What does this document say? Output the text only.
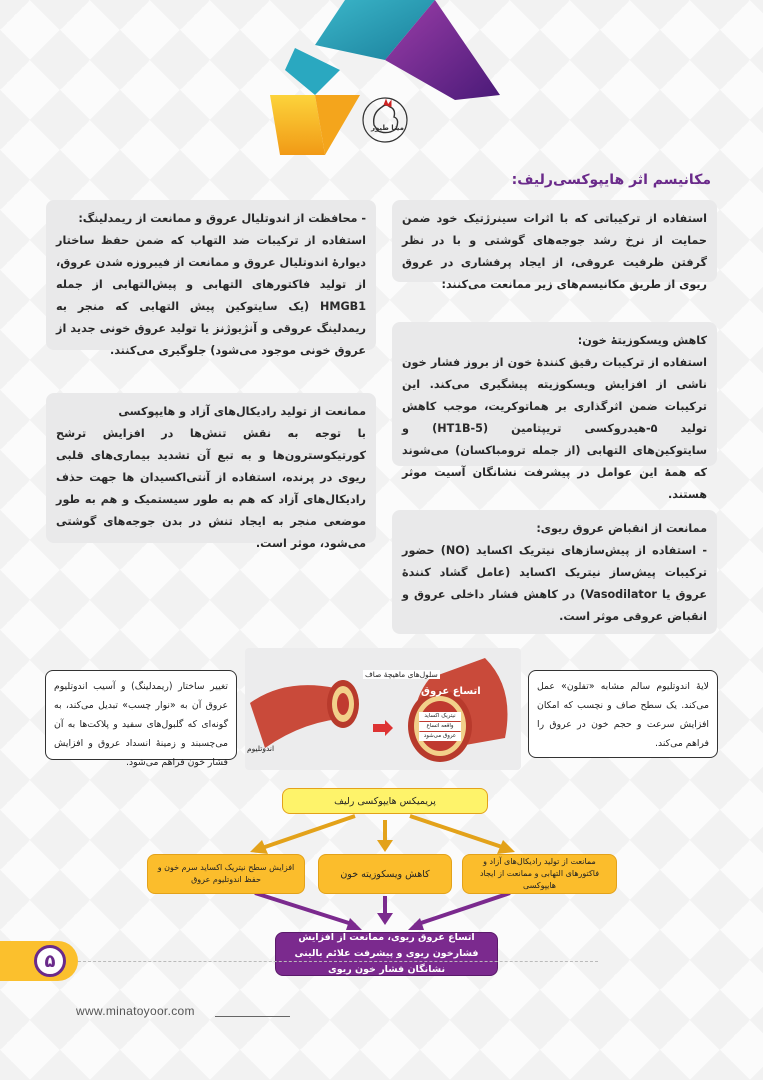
مینا طیور
مکانیسم اثر هایپوکسی‌رلیف:
استفاده از ترکیباتی که با اثرات سینرژتیک خود ضمن حمایت از نرخ رشد جوجه‌های گوشتی و با در نظر گرفتن ظرفیت عروقی، از ایجاد پرفشاری در عروق ریوی از طریق مکانیسم‌های زیر ممانعت می‌کنند:
کاهش ویسکوزیتۀ خون:
استفاده از ترکیبات رقیق کنندۀ خون از بروز فشار خون ناشی از افزایش ویسکوزیته پیشگیری می‌کند. این ترکیبات ضمن اثرگذاری بر هماتوکریت، موجب کاهش تولید ۵-هیدروکسی تریپتامین (HT1B-5) و سایتوکین‌های التهابی (از جمله ترومباکسان) می‌شوند که همۀ این عوامل در پیشرفت نشانگان آسیت موثر هستند.
ممانعت از انقباض عروق ریوی:
- استفاده از پیش‌سازهای نیتریک اکساید (NO) حضور ترکیبات پیش‌ساز نیتریک اکساید (عامل گشاد کنندۀ عروق یا Vasodilator) در کاهش فشار داخلی عروق و انقباض عروقی موثر است.
- محافظت از اندوتلیال عروق و ممانعت از ریمدلینگ:
استفاده از ترکیبات ضد التهاب که ضمن حفظ ساختار دیوارۀ اندوتلیال عروق و ممانعت از فیبروزه شدن عروق، از تولید فاکتورهای التهابی و پیش‌التهابی از جمله HMGB1 (یک سایتوکین پیش التهابی که منجر به ریمدلینگ عروقی و آنژیوژنز یا تولید عروق خونی جدید از عروق خونی موجود می‌شود) جلوگیری می‌کنند.
ممانعت از تولید رادیکال‌های آزاد و هایپوکسی
با توجه به نقش تنش‌ها در افزایش ترشح کورتیکوسترون‌ها و به تبع آن تشدید بیماری‌های قلبی ریوی در پرنده، استفاده از آنتی‌اکسیدان ها جهت حذف رادیکال‌های آزاد که هم به طور سیستمیک و هم به طور موضعی منجر به ایجاد تنش در بدن جوجه‌های گوشتی می‌شود، موثر است.
اتساع عروق
سلول‌های ماهیچۀ صاف
اندوتلیوم
نیتریک اکساید
واقعه اتساع
عروق می‌شود
تغییر ساختار (ریمدلینگ) و آسیب اندوتلیوم عروق آن به «نوار چسب» تبدیل می‌کند، به گونه‌ای که گلبول‌های سفید و پلاکت‌ها به آن می‌چسبند و زمینۀ انسداد عروق و افزایش فشار خون فراهم می‌شود.
لایۀ اندوتلیوم سالم مشابه «تفلون» عمل می‌کند. یک سطح صاف و نچسب که امکان افزایش سرعت و حجم خون در عروق را فراهم می‌کند.
پریمیکس هایپوکسی رلیف
افزایش سطح نیتریک اکساید سرم خون و حفظ اندوتلیوم عروق	کاهش ویسکوزیته خون
ممانعت از تولید رادیکال‌های آزاد و فاکتورهای التهابی و ممانعت از ایجاد هایپوکسی
اتساع عروق ریوی، ممانعت از افزایش فشارخون ریوی و پیشرفت علائم بالینی نشانگان فشار خون ریوی
۵
www.minatoyoor.com
